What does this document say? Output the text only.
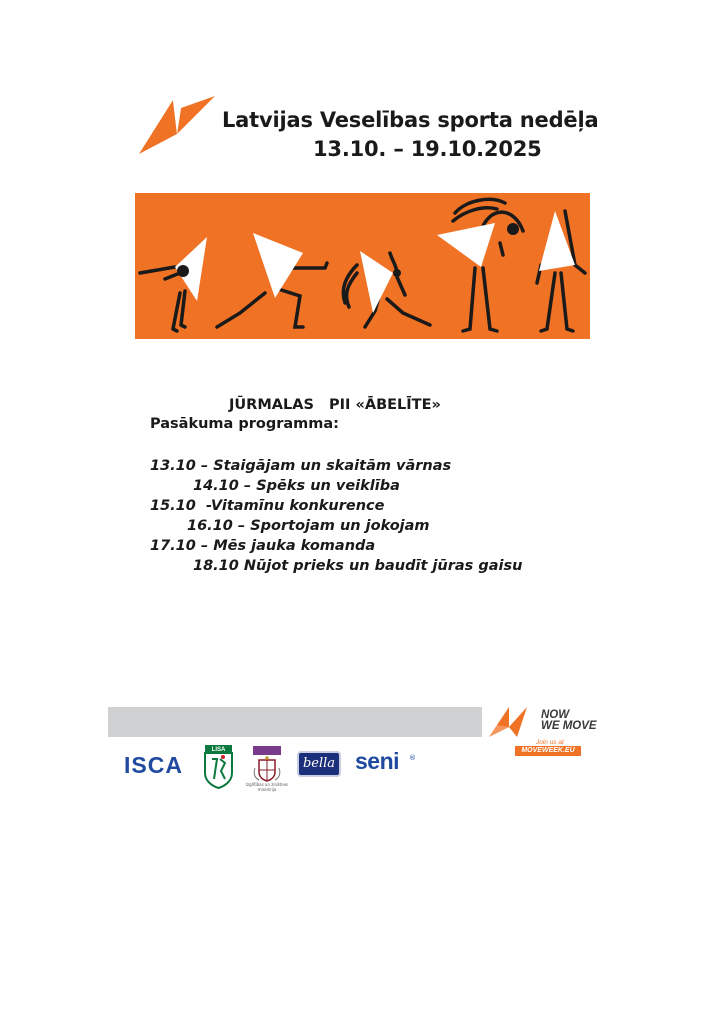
Latvijas Veselības sporta nedēļa
13.10. – 19.10.2025
JŪRMALAS   PII «ĀBELĪTE»
Pasākuma programma:
13.10 – Staigājam un skaitām vārnas
14.10 – Spēks un veiklība
15.10  -Vitamīnu konkurence
16.10 – Sportojam un jokojam
17.10 – Mēs jauka komanda
18.10 Nūjot prieks un baudīt jūras gaisu
NOW
WE MOVE
Join us at
MOVEWEEK.EU
ISCA
LISA
Izglītības un zinātnes ministrija
bella seni ®
